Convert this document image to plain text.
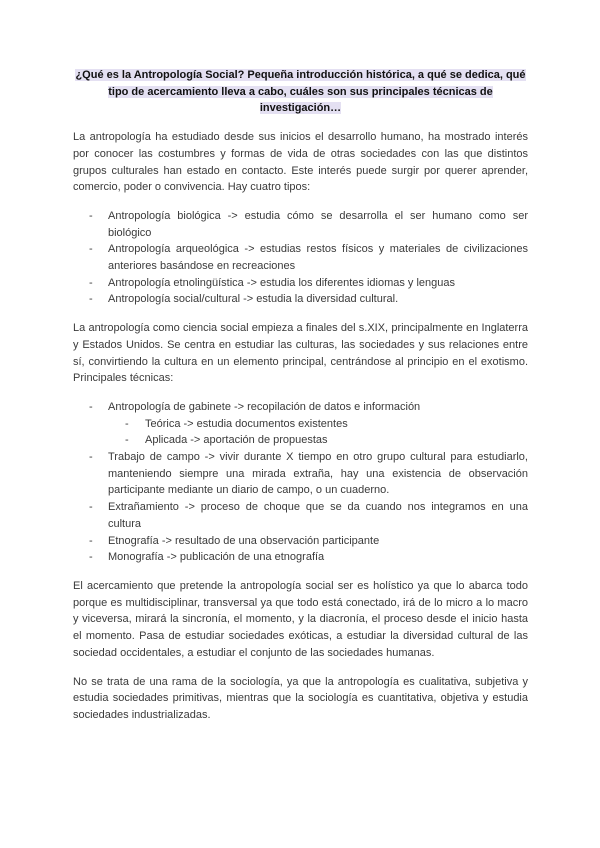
¿Qué es la Antropología Social? Pequeña introducción histórica, a qué se dedica, qué tipo de acercamiento lleva a cabo, cuáles son sus principales técnicas de investigación…

La antropología ha estudiado desde sus inicios el desarrollo humano, ha mostrado interés por conocer las costumbres y formas de vida de otras sociedades con las que distintos grupos culturales han estado en contacto. Este interés puede surgir por querer aprender, comercio, poder o convivencia. Hay cuatro tipos:

- Antropología biológica -> estudia cómo se desarrolla el ser humano como ser biológico
- Antropología arqueológica -> estudias restos físicos y materiales de civilizaciones anteriores basándose en recreaciones
- Antropología etnolingüística -> estudia los diferentes idiomas y lenguas
- Antropología social/cultural -> estudia la diversidad cultural.

La antropología como ciencia social empieza a finales del s.XIX, principalmente en Inglaterra y Estados Unidos. Se centra en estudiar las culturas, las sociedades y sus relaciones entre sí, convirtiendo la cultura en un elemento principal, centrándose al principio en el exotismo. Principales técnicas:

- Antropología de gabinete -> recopilación de datos e información
- Teórica -> estudia documentos existentes
- Aplicada -> aportación de propuestas
- Trabajo de campo -> vivir durante X tiempo en otro grupo cultural para estudiarlo, manteniendo siempre una mirada extraña, hay una existencia de observación participante mediante un diario de campo, o un cuaderno.
- Extrañamiento -> proceso de choque que se da cuando nos integramos en una cultura
- Etnografía -> resultado de una observación participante
- Monografía -> publicación de una etnografía

El acercamiento que pretende la antropología social ser es holístico ya que lo abarca todo porque es multidisciplinar, transversal ya que todo está conectado, irá de lo micro a lo macro y viceversa, mirará la sincronía, el momento, y la diacronía, el proceso desde el inicio hasta el momento. Pasa de estudiar sociedades exóticas, a estudiar la diversidad cultural de las sociedad occidentales, a estudiar el conjunto de las sociedades humanas.

No se trata de una rama de la sociología, ya que la antropología es cualitativa, subjetiva y estudia sociedades primitivas, mientras que la sociología es cuantitativa, objetiva y estudia sociedades industrializadas.
